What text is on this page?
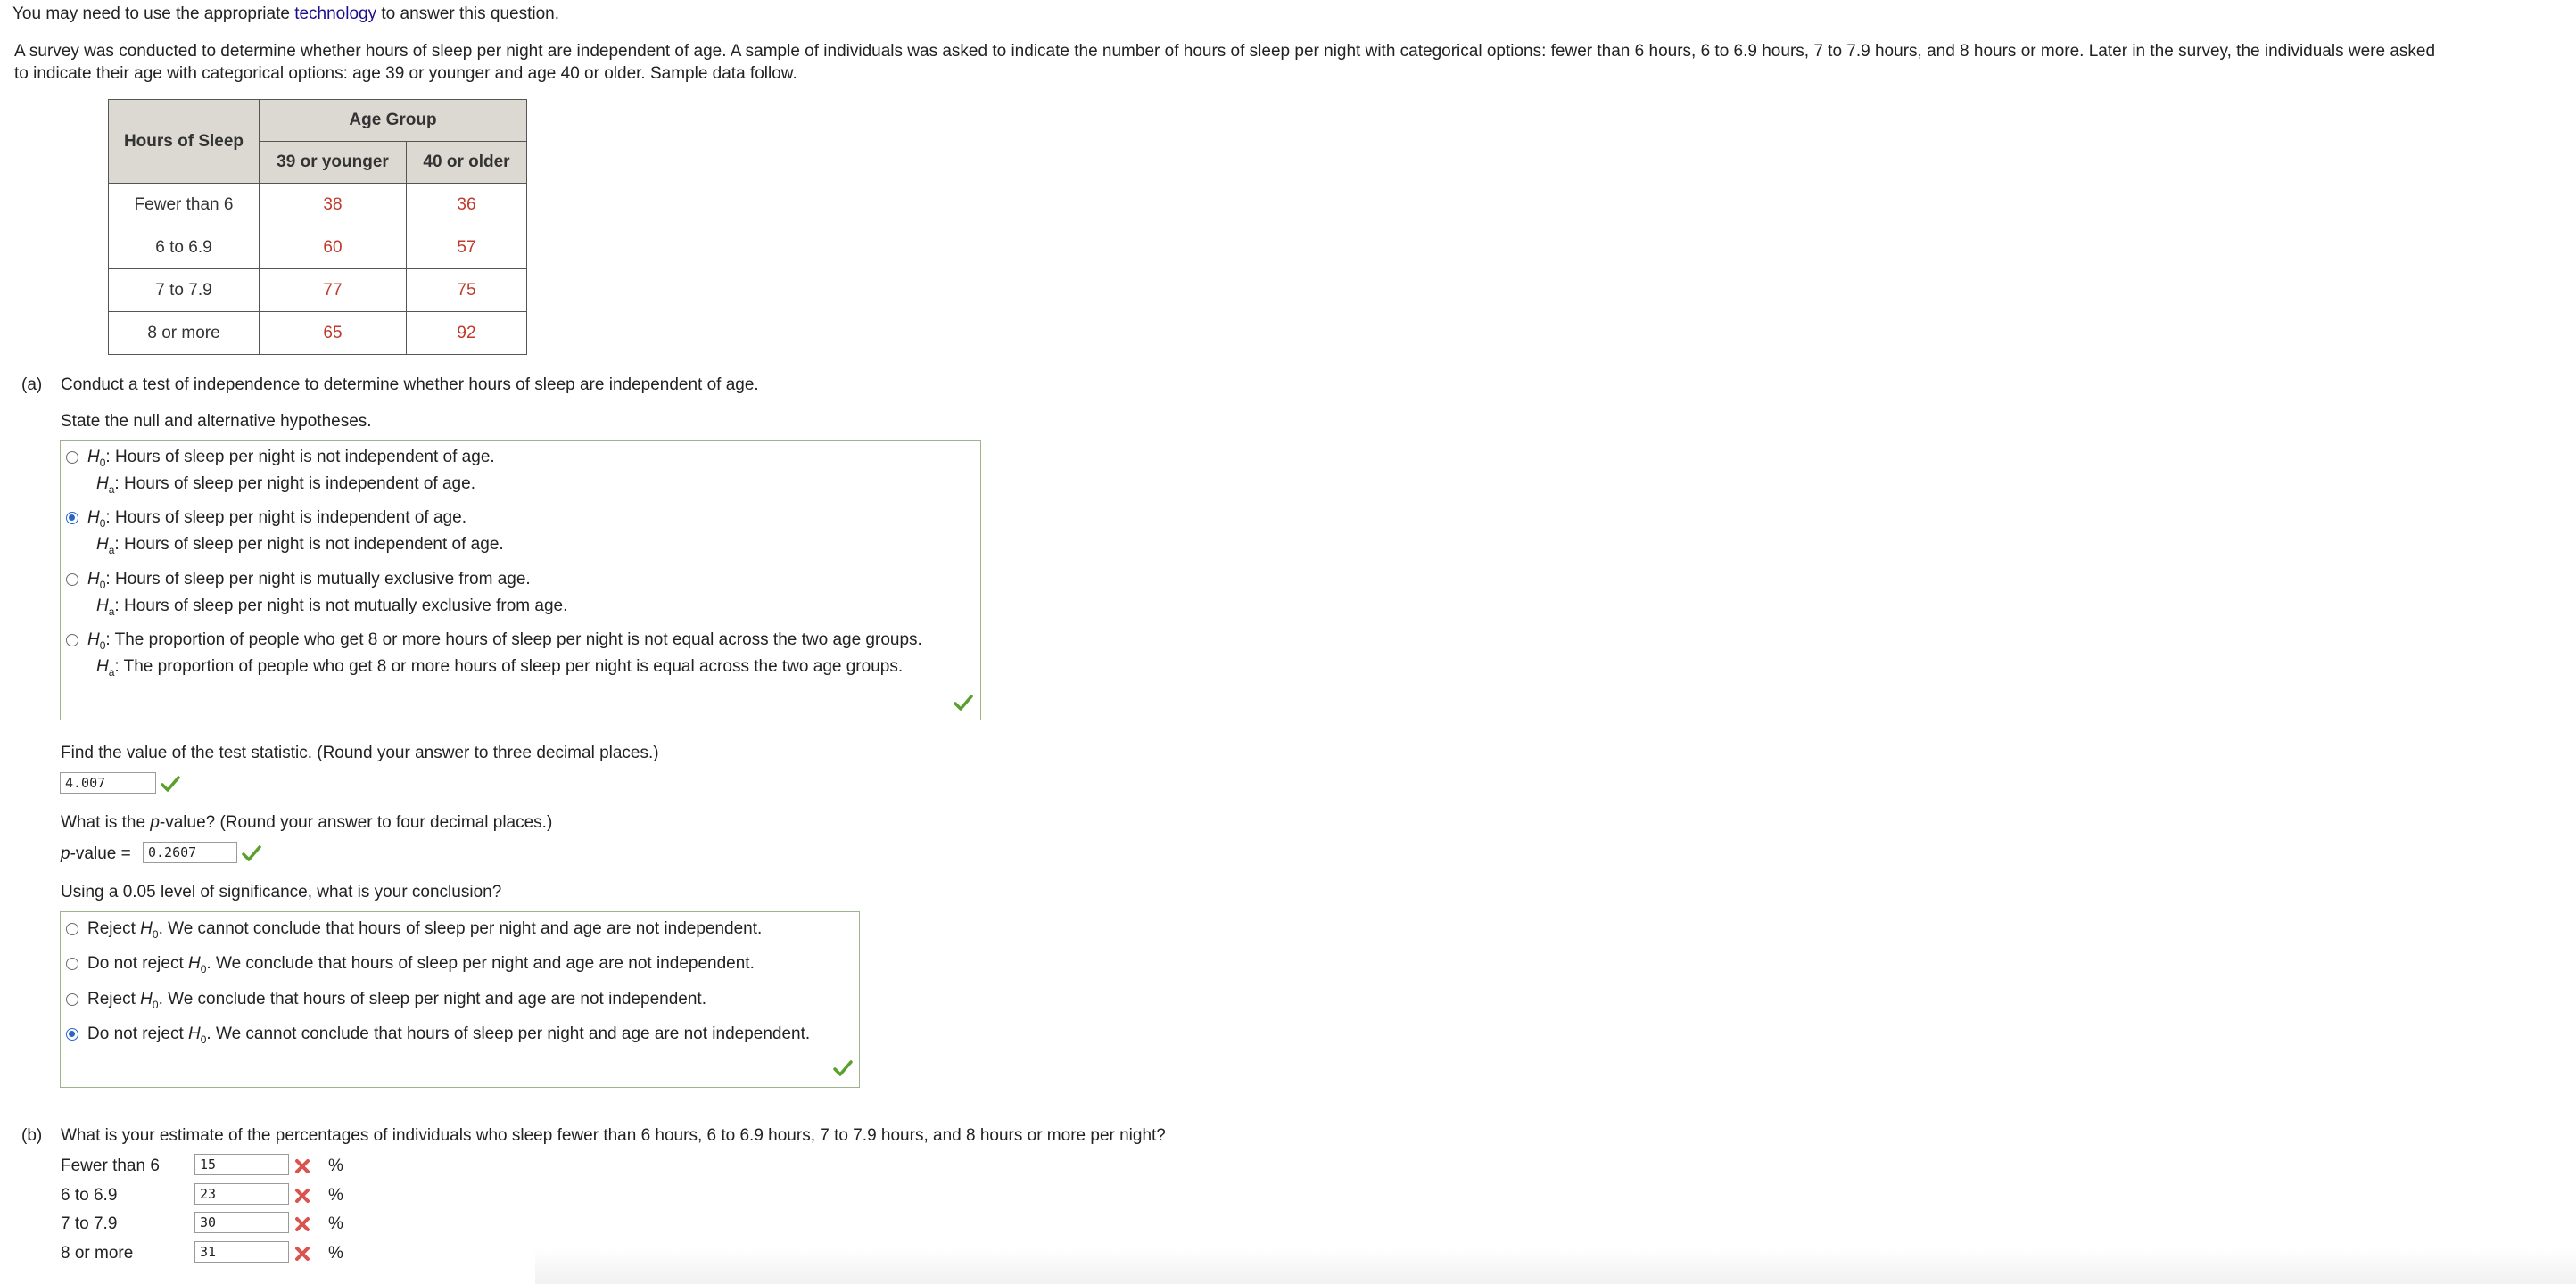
You may need to use the appropriate technology to answer this question.
A survey was conducted to determine whether hours of sleep per night are independent of age. A sample of individuals was asked to indicate the number of hours of sleep per night with categorical options: fewer than 6 hours, 6 to 6.9 hours, 7 to 7.9 hours, and 8 hours or more. Later in the survey, the individuals were asked
to indicate their age with categorical options: age 39 or younger and age 40 or older. Sample data follow.
Hours of Sleep	Age Group	
	39 or younger	40 or older
Fewer than 6	38	36
6 to 6.9	60	57
7 to 7.9	77	75
8 or more	65	92
(a) Conduct a test of independence to determine whether hours of sleep are independent of age.
State the null and alternative hypotheses.
$H_0$: Hours of sleep per night is not independent of age.
$H_a$: Hours of sleep per night is independent of age.
$H_0$: Hours of sleep per night is independent of age.
$H_a$: Hours of sleep per night is not independent of age.
$H_0$: Hours of sleep per night is mutually exclusive from age.
$H_a$: Hours of sleep per night is not mutually exclusive from age.
$H_0$: The proportion of people who get 8 or more hours of sleep per night is not equal across the two age groups.
$H_a$: The proportion of people who get 8 or more hours of sleep per night is equal across the two age groups.
Find the value of the test statistic. (Round your answer to three decimal places.)
4.007
What is the p-value? (Round your answer to four decimal places.)
p-value =	0.2607
Using a 0.05 level of significance, what is your conclusion?
Reject $H_0$. We cannot conclude that hours of sleep per night and age are not independent.
Do not reject $H_0$. We conclude that hours of sleep per night and age are not independent.
Reject $H_0$. We conclude that hours of sleep per night and age are not independent.
Do not reject $H_0$. We cannot conclude that hours of sleep per night and age are not independent.
(b) What is your estimate of the percentages of individuals who sleep fewer than 6 hours, 6 to 6.9 hours, 7 to 7.9 hours, and 8 hours or more per night?
Fewer than 6	15	%
6 to 6.9	23	%
7 to 7.9	30	%
8 or more	31	%
